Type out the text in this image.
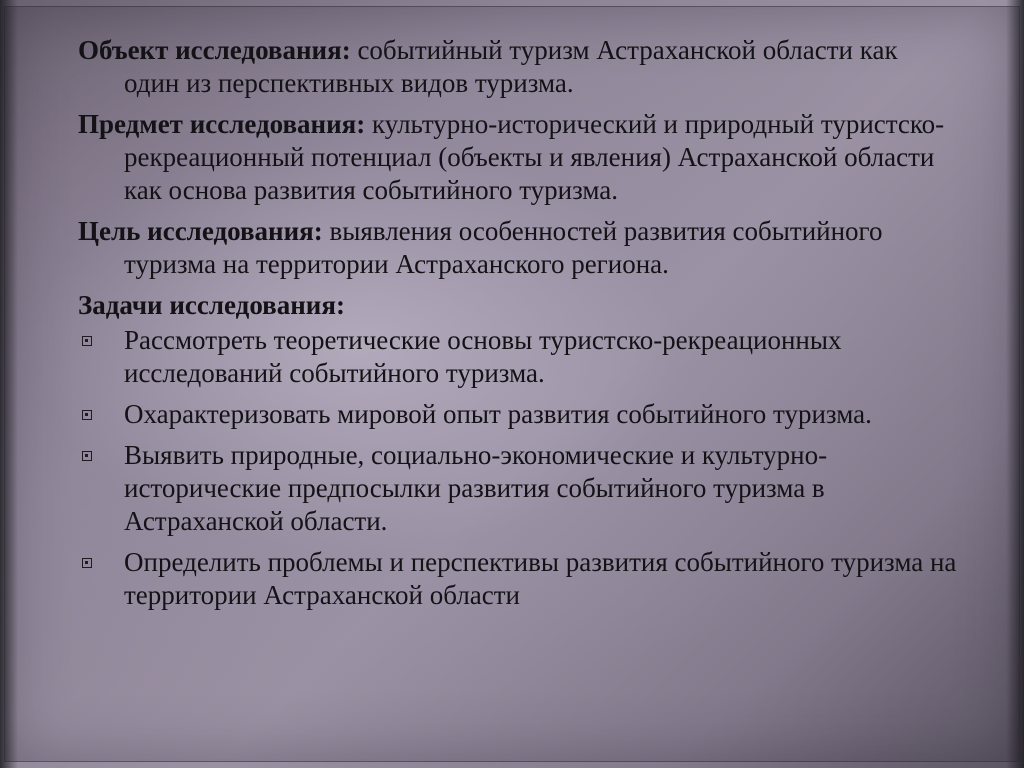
Объект исследования: событийный туризм Астраханской области как один из перспективных видов туризма.
Предмет исследования: культурно-исторический и природный туристско-рекреационный потенциал (объекты и явления) Астраханской области как основа развития событийного туризма.
Цель исследования: выявления особенностей развития событийного туризма на территории Астраханского региона.
Задачи исследования:
Рассмотреть теоретические основы туристско-рекреационных исследований событийного туризма.
Охарактеризовать мировой опыт развития событийного туризма.
Выявить природные, социально-экономические и культурно-исторические предпосылки развития событийного туризма в Астраханской области.
Определить проблемы и перспективы развития событийного туризма на территории Астраханской области
